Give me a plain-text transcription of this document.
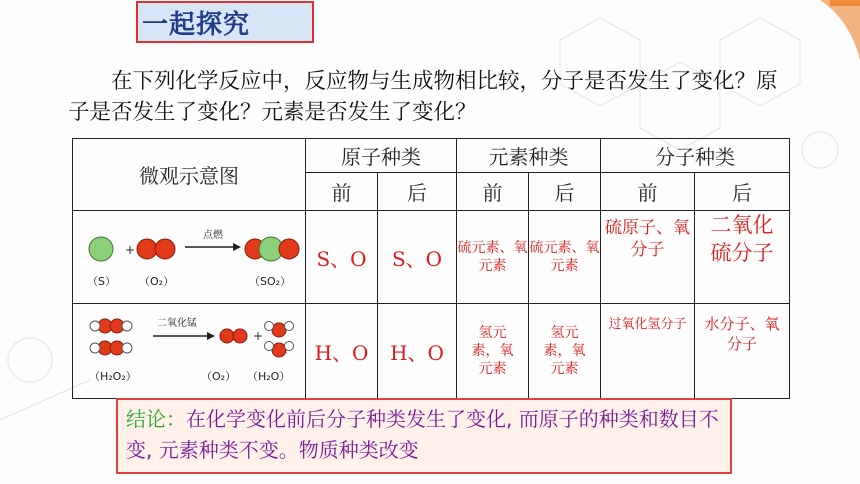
一起探究

在下列化学反应中，反应物与生成物相比较，分子是否发生了变化？原子是否发生了变化？元素是否发生了变化？

微观示意图	原子种类		元素种类		分子种类	
	前	后	前	后	前	后

+
点燃
（S） （O₂） （SO₂）	S、O	S、O	硫元素、氧元素	硫元素、氧元素	硫原子、氧分子	二氧化硫分子

二氧化锰
+
（H₂O₂） （O₂） （H₂O）	H、O	H、O	氢元素，氧元素	氢元素，氧元素	过氧化氢分子	水分子、氧分子
结论：在化学变化前后分子种类发生了变化, 而原子的种类和数目不变, 元素种类不变。物质种类改变
